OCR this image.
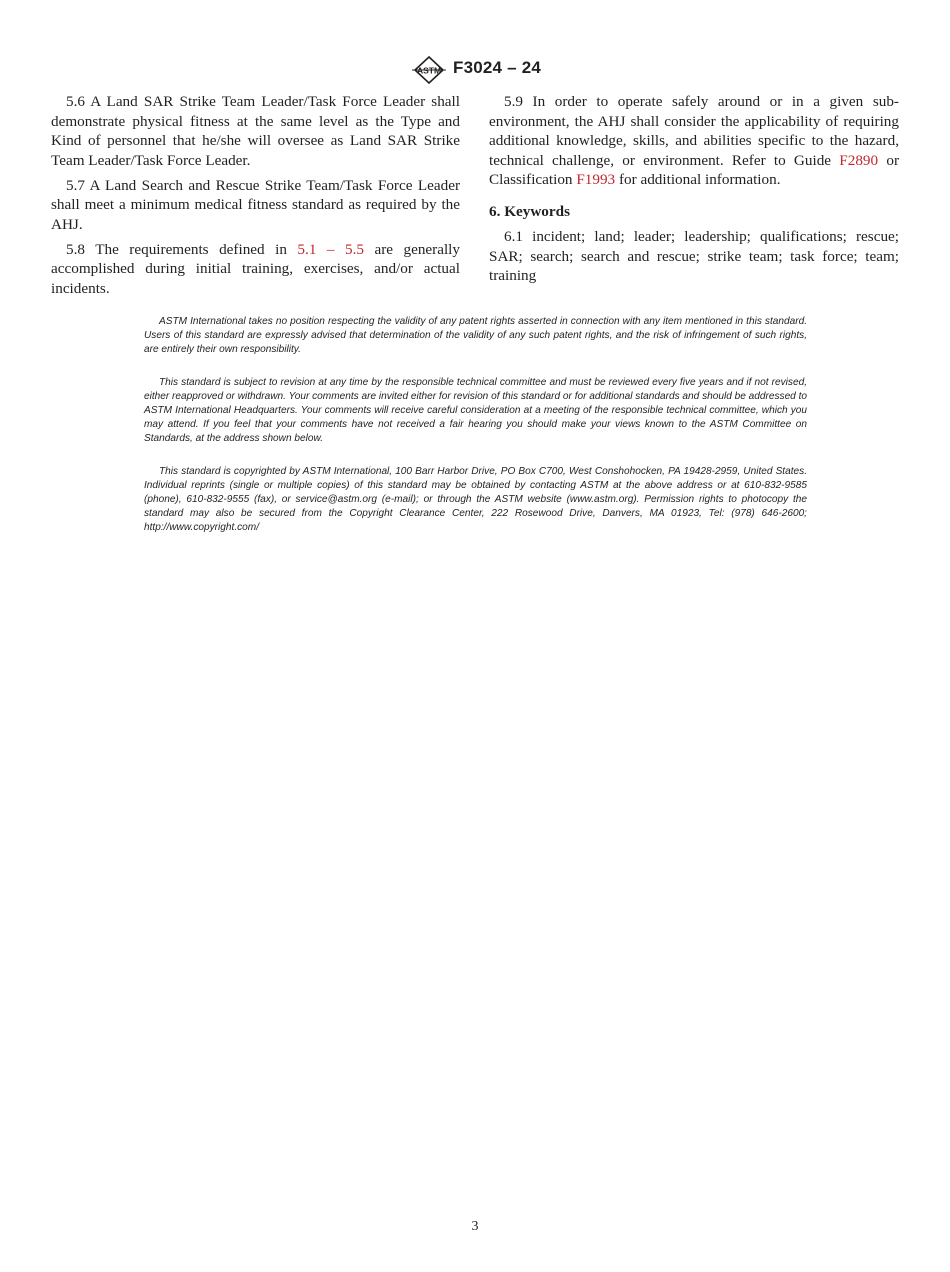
ASTM F3024 – 24

5.6 A Land SAR Strike Team Leader/Task Force Leader shall demonstrate physical fitness at the same level as the Type and Kind of personnel that he/she will oversee as Land SAR Strike Team Leader/Task Force Leader.

5.7 A Land Search and Rescue Strike Team/Task Force Leader shall meet a minimum medical fitness standard as required by the AHJ.

5.8 The requirements defined in 5.1 – 5.5 are generally accomplished during initial training, exercises, and/or actual incidents.

5.9 In order to operate safely around or in a given sub-environment, the AHJ shall consider the applicability of requiring additional knowledge, skills, and abilities specific to the hazard, technical challenge, or environment. Refer to Guide F2890 or Classification F1993 for additional information.

6. Keywords

6.1 incident; land; leader; leadership; qualifications; rescue; SAR; search; search and rescue; strike team; task force; team; training

ASTM International takes no position respecting the validity of any patent rights asserted in connection with any item mentioned in this standard. Users of this standard are expressly advised that determination of the validity of any such patent rights, and the risk of infringement of such rights, are entirely their own responsibility.

This standard is subject to revision at any time by the responsible technical committee and must be reviewed every five years and if not revised, either reapproved or withdrawn. Your comments are invited either for revision of this standard or for additional standards and should be addressed to ASTM International Headquarters. Your comments will receive careful consideration at a meeting of the responsible technical committee, which you may attend. If you feel that your comments have not received a fair hearing you should make your views known to the ASTM Committee on Standards, at the address shown below.

This standard is copyrighted by ASTM International, 100 Barr Harbor Drive, PO Box C700, West Conshohocken, PA 19428-2959, United States. Individual reprints (single or multiple copies) of this standard may be obtained by contacting ASTM at the above address or at 610-832-9585 (phone), 610-832-9555 (fax), or service@astm.org (e-mail); or through the ASTM website (www.astm.org). Permission rights to photocopy the standard may also be secured from the Copyright Clearance Center, 222 Rosewood Drive, Danvers, MA 01923, Tel: (978) 646-2600; http://www.copyright.com/

3
